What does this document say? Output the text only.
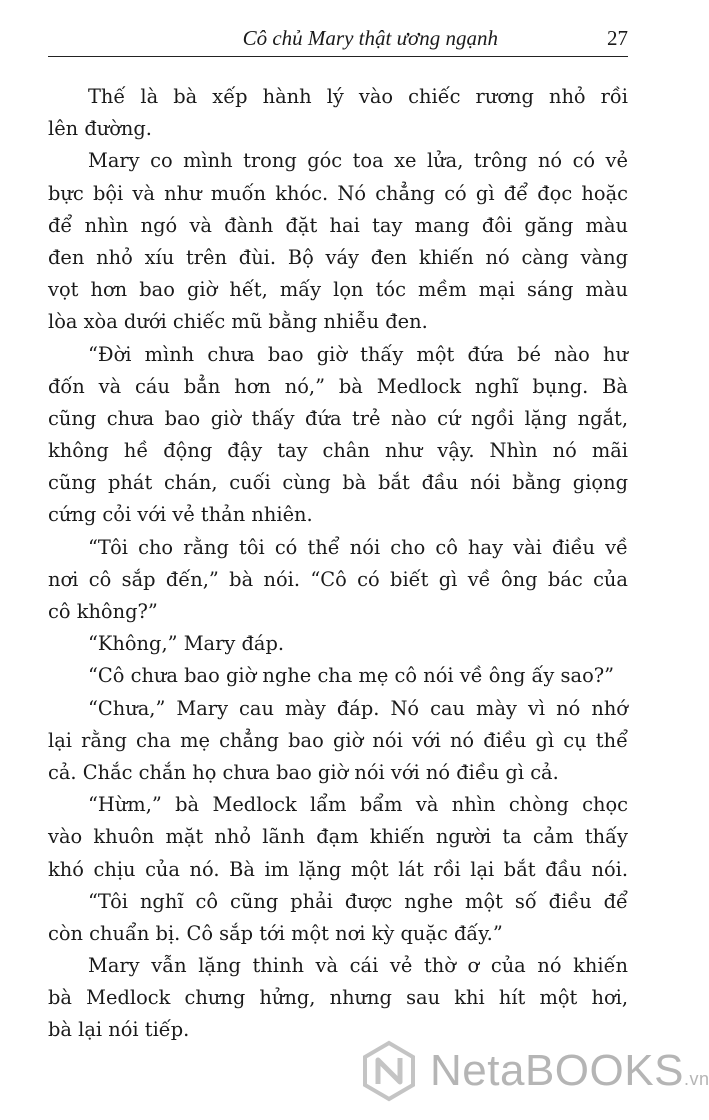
Cô chủ Mary thật ương ngạnh	27
Thế là bà xếp hành lý vào chiếc rương nhỏ rồi
lên đường.
Mary co mình trong góc toa xe lửa, trông nó có vẻ
bực bội và như muốn khóc. Nó chẳng có gì để đọc hoặc
để nhìn ngó và đành đặt hai tay mang đôi găng màu
đen nhỏ xíu trên đùi. Bộ váy đen khiến nó càng vàng
vọt hơn bao giờ hết, mấy lọn tóc mềm mại sáng màu
lòa xòa dưới chiếc mũ bằng nhiễu đen.
“Đời mình chưa bao giờ thấy một đứa bé nào hư
đốn và cáu bẳn hơn nó,” bà Medlock nghĩ bụng. Bà
cũng chưa bao giờ thấy đứa trẻ nào cứ ngồi lặng ngắt,
không hề động đậy tay chân như vậy. Nhìn nó mãi
cũng phát chán, cuối cùng bà bắt đầu nói bằng giọng
cứng cỏi với vẻ thản nhiên.
“Tôi cho rằng tôi có thể nói cho cô hay vài điều về
nơi cô sắp đến,” bà nói. “Cô có biết gì về ông bác của
cô không?”
“Không,” Mary đáp.
“Cô chưa bao giờ nghe cha mẹ cô nói về ông ấy sao?”
“Chưa,” Mary cau mày đáp. Nó cau mày vì nó nhớ
lại rằng cha mẹ chẳng bao giờ nói với nó điều gì cụ thể
cả. Chắc chắn họ chưa bao giờ nói với nó điều gì cả.
“Hừm,” bà Medlock lẩm bẩm và nhìn chòng chọc
vào khuôn mặt nhỏ lãnh đạm khiến người ta cảm thấy
khó chịu của nó. Bà im lặng một lát rồi lại bắt đầu nói.
“Tôi nghĩ cô cũng phải được nghe một số điều để
còn chuẩn bị. Cô sắp tới một nơi kỳ quặc đấy.”
Mary vẫn lặng thinh và cái vẻ thờ ơ của nó khiến
bà Medlock chưng hửng, nhưng sau khi hít một hơi,
bà lại nói tiếp.
NetaBOOKS.vn
